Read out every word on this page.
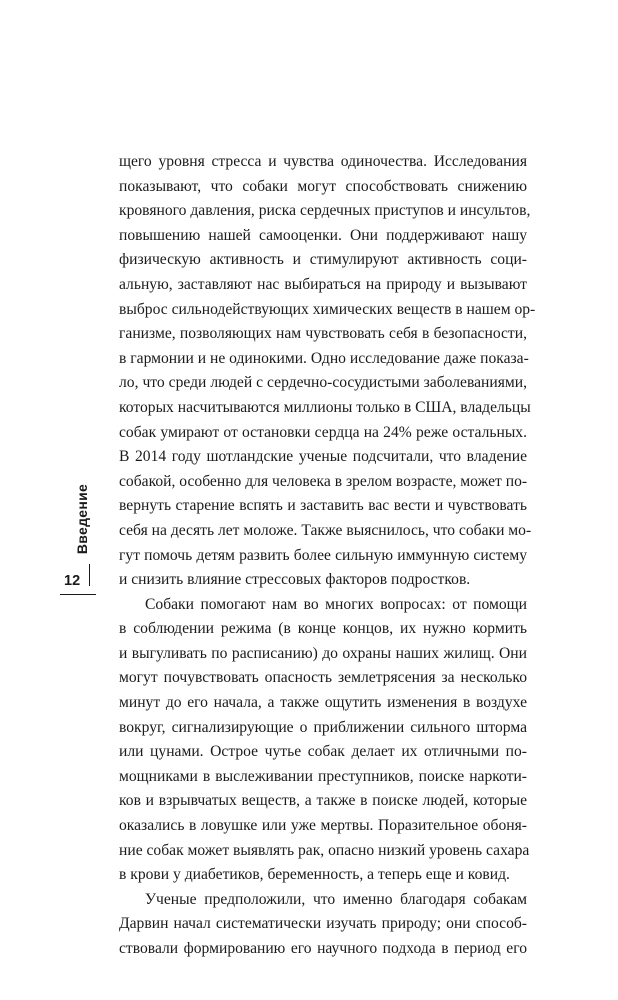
щего уровня стресса и чувства одиночества. Исследования
показывают, что собаки могут способствовать снижению
кровяного давления, риска сердечных приступов и инсультов,
повышению нашей самооценки. Они поддерживают нашу
физическую активность и стимулируют активность соци-
альную, заставляют нас выбираться на природу и вызывают
выброс сильнодействующих химических веществ в нашем ор-
ганизме, позволяющих нам чувствовать себя в безопасности,
в гармонии и не одинокими. Одно исследование даже показа-
ло, что среди людей с сердечно-сосудистыми заболеваниями,
которых насчитываются миллионы только в США, владельцы
собак умирают от остановки сердца на 24% реже остальных.
В 2014 году шотландские ученые подсчитали, что владение
собакой, особенно для человека в зрелом возрасте, может по-
вернуть старение вспять и заставить вас вести и чувствовать
себя на десять лет моложе. Также выяснилось, что собаки мо-
гут помочь детям развить более сильную иммунную систему
и снизить влияние стрессовых факторов подростков.
Собаки помогают нам во многих вопросах: от помощи
в соблюдении режима (в конце концов, их нужно кормить
и выгуливать по расписанию) до охраны наших жилищ. Они
могут почувствовать опасность землетрясения за несколько
минут до его начала, а также ощутить изменения в воздухе
вокруг, сигнализирующие о приближении сильного шторма
или цунами. Острое чутье собак делает их отличными по-
мощниками в выслеживании преступников, поиске наркоти-
ков и взрывчатых веществ, а также в поиске людей, которые
оказались в ловушке или уже мертвы. Поразительное обоня-
ние собак может выявлять рак, опасно низкий уровень сахара
в крови у диабетиков, беременность, а теперь еще и ковид.
Ученые предположили, что именно благодаря собакам
Дарвин начал систематически изучать природу; они способ-
ствовали формированию его научного подхода в период его
Введение
12
